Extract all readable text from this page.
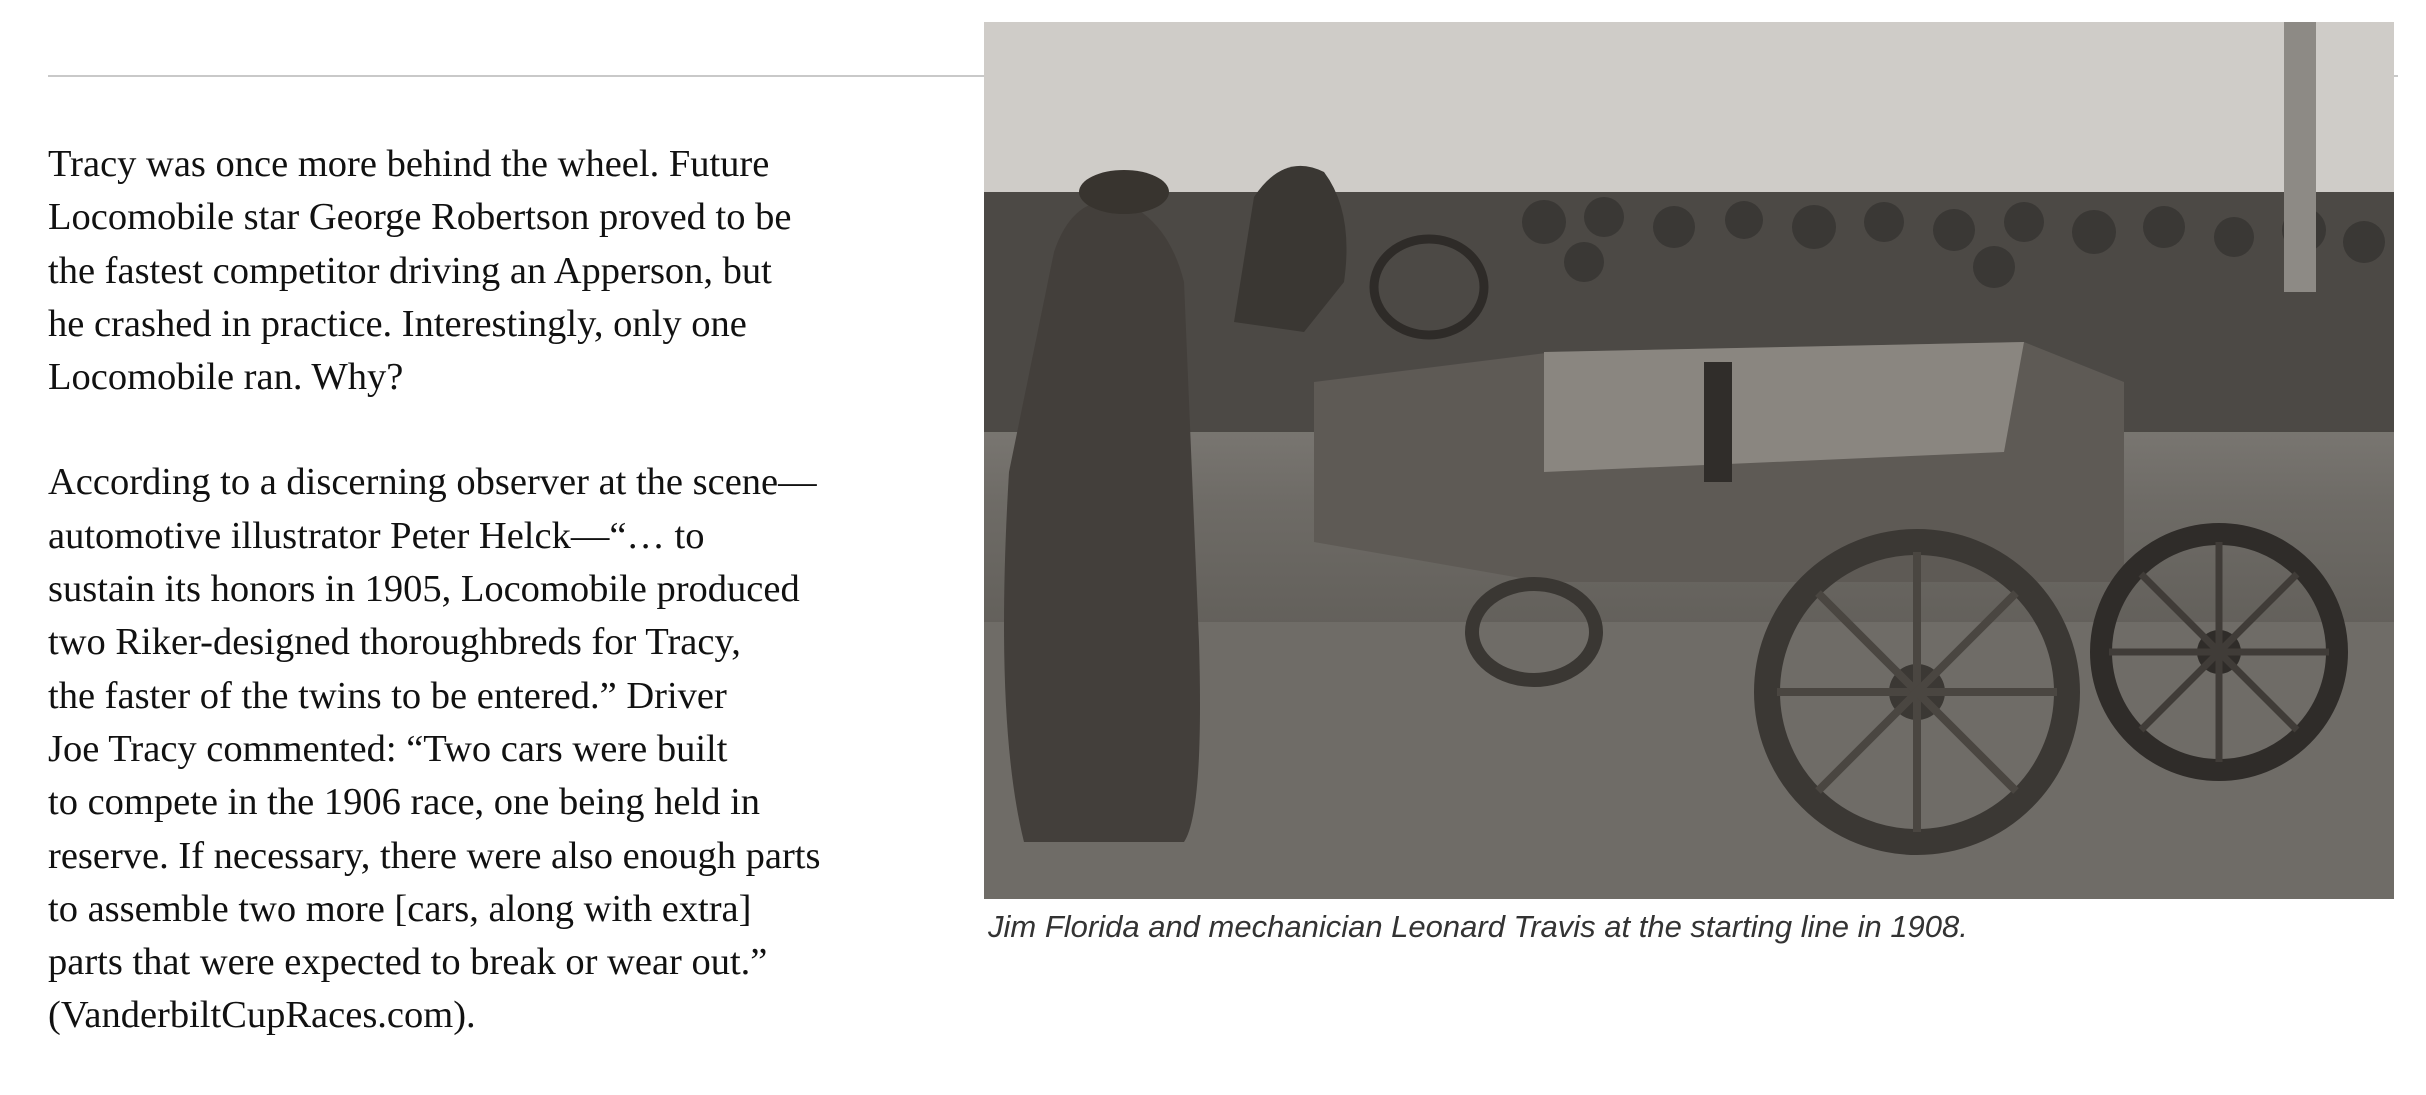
Tracy was once more behind the wheel. Future
Locomobile star George Robertson proved to be
the fastest competitor driving an Apperson, but
he crashed in practice. Interestingly, only one
Locomobile ran. Why?

According to a discerning observer at the scene—
automotive illustrator Peter Helck—“… to
sustain its honors in 1905, Locomobile produced
two Riker-designed thoroughbreds for Tracy,
the faster of the twins to be entered.” Driver
Joe Tracy commented: “Two cars were built
to compete in the 1906 race, one being held in
reserve. If necessary, there were also enough parts
to assemble two more [cars, along with extra]
parts that were expected to break or wear out.”
(VanderbiltCupRaces.com).

Jim Florida and mechanician Leonard Travis at the starting line in 1908.
